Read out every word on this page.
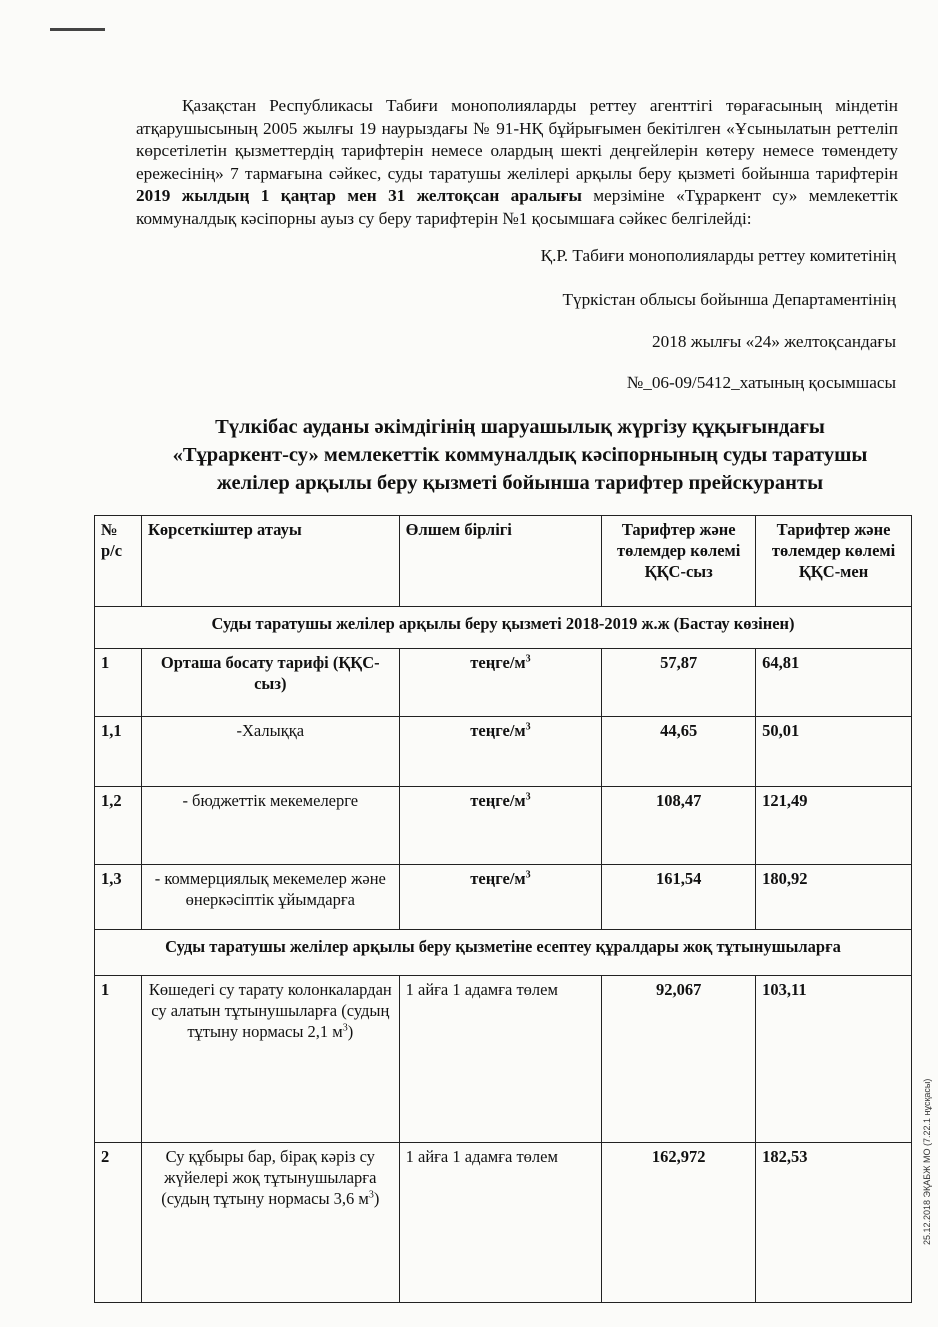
Қазақстан Республикасы Табиғи монополияларды реттеу агенттігі төрағасының міндетін атқарушысының 2005 жылғы 19 наурыздағы № 91-НҚ бұйрығымен бекітілген «Ұсынылатын реттеліп көрсетілетін қызметтердің тарифтерін немесе олардың шекті деңгейлерін көтеру немесе төмендету ережесінің» 7 тармағына сәйкес, суды таратушы желілері арқылы беру қызметі бойынша тарифтерін 2019 жылдың 1 қаңтар мен 31 желтоқсан аралығы мерзіміне «Тұраркент су» мемлекеттік коммуналдық кәсіпорны ауыз су беру тарифтерін №1 қосымшаға сәйкес белгілейді:
Қ.Р. Табиғи монополияларды реттеу комитетінің
Түркістан облысы бойынша Департаментінің
2018 жылғы «24» желтоқсандағы
№_06-09/5412_хатының қосымшасы
Түлкібас ауданы әкімдігінің шаруашылық жүргізу құқығындағы
«Тұраркент-су» мемлекеттік коммуналдық кәсіпорнының суды таратушы
желілер арқылы беру қызметі бойынша тарифтер прейскуранты
№ р/с	Көрсеткіштер атауы	Өлшем бірлігі	Тарифтер және төлемдер көлемі ҚҚС-сыз	Тарифтер және төлемдер көлемі ҚҚС-мен
Суды таратушы желілер арқылы беру қызметі 2018-2019 ж.ж (Бастау көзінен)				
1	Орташа босату тарифі (ҚҚС-сыз)	теңге/$м^3$	57,87	64,81
1,1	-Халыққа	теңге/$м^3$	44,65	50,01
1,2	- бюджеттік мекемелерге	теңге/$м^3$	108,47	121,49
1,3	- коммерциялық мекемелер және өнеркәсіптік ұйымдарға	теңге/$м^3$	161,54	180,92
Суды таратушы желілер арқылы беру қызметіне есептеу құралдары жоқ тұтынушыларға				
1	Көшедегі су тарату колонкалардан су алатын тұтынушыларға (судың тұтыну нормасы 2,1 $м^3$)	1 айға 1 адамға төлем	92,067	103,11
2	Су құбыры бар, бірақ кәріз су жүйелері жоқ тұтынушыларға (судың тұтыну нормасы 3,6 $м^3$)	1 айға 1 адамға төлем	162,972	182,53	25.12.2018 ЭҚАБЖ МО (7.22.1 нұсқасы)
